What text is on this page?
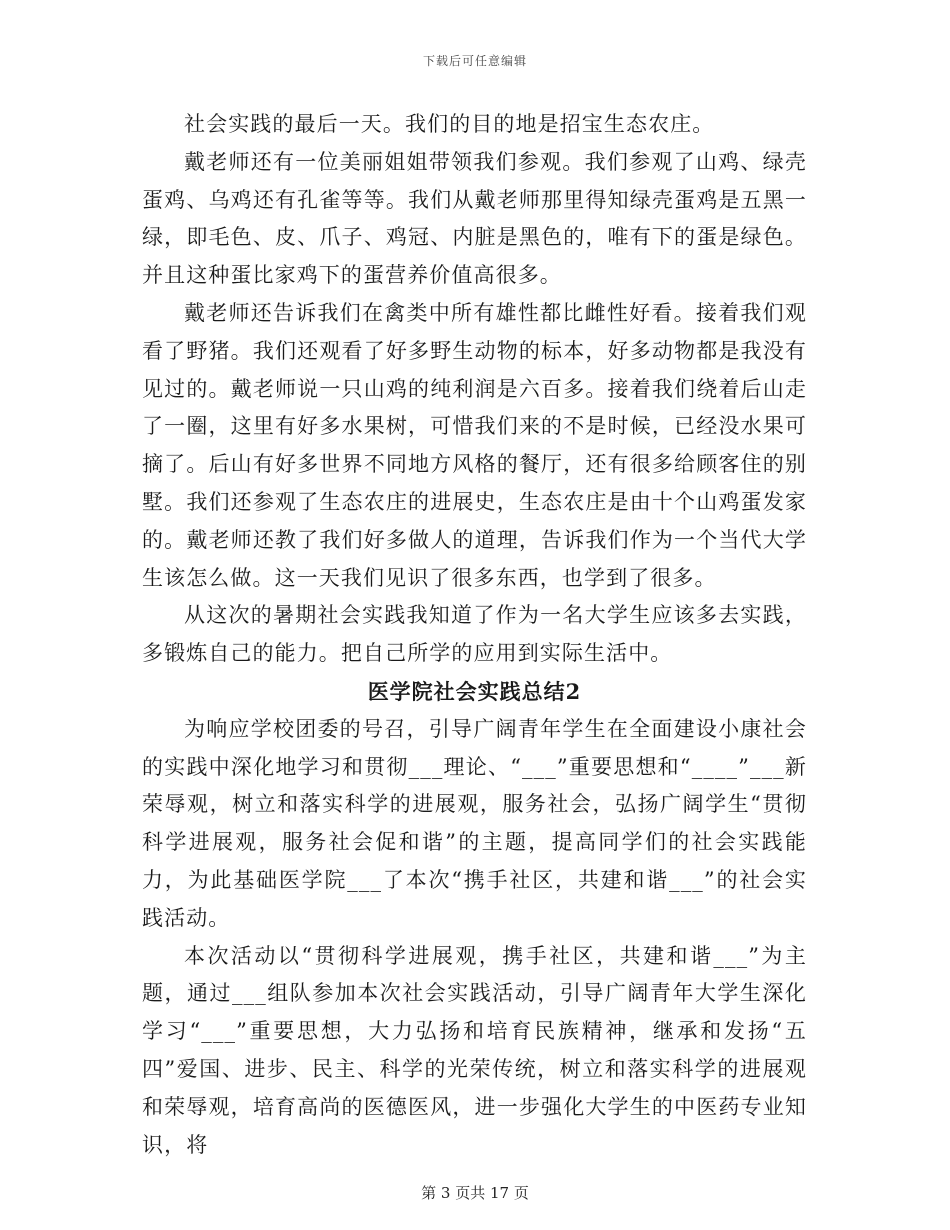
下载后可任意编辑

社会实践的最后一天。我们的目的地是招宝生态农庄。

戴老师还有一位美丽姐姐带领我们参观。我们参观了山鸡、绿壳蛋鸡、乌鸡还有孔雀等等。我们从戴老师那里得知绿壳蛋鸡是五黑一绿，即毛色、皮、爪子、鸡冠、内脏是黑色的，唯有下的蛋是绿色。并且这种蛋比家鸡下的蛋营养价值高很多。

戴老师还告诉我们在禽类中所有雄性都比雌性好看。接着我们观看了野猪。我们还观看了好多野生动物的标本，好多动物都是我没有见过的。戴老师说一只山鸡的纯利润是六百多。接着我们绕着后山走了一圈，这里有好多水果树，可惜我们来的不是时候，已经没水果可摘了。后山有好多世界不同地方风格的餐厅，还有很多给顾客住的别墅。我们还参观了生态农庄的进展史，生态农庄是由十个山鸡蛋发家的。戴老师还教了我们好多做人的道理，告诉我们作为一个当代大学生该怎么做。这一天我们见识了很多东西，也学到了很多。

从这次的暑期社会实践我知道了作为一名大学生应该多去实践，多锻炼自己的能力。把自己所学的应用到实际生活中。

医学院社会实践总结2

为响应学校团委的号召，引导广阔青年学生在全面建设小康社会的实践中深化地学习和贯彻___理论、“___”重要思想和“____”___新荣辱观，树立和落实科学的进展观，服务社会，弘扬广阔学生“贯彻科学进展观，服务社会促和谐”的主题，提高同学们的社会实践能力，为此基础医学院___了本次“携手社区，共建和谐___”的社会实践活动。

本次活动以“贯彻科学进展观，携手社区，共建和谐___”为主题，通过___组队参加本次社会实践活动，引导广阔青年大学生深化学习“___”重要思想，大力弘扬和培育民族精神，继承和发扬“五四”爱国、进步、民主、科学的光荣传统，树立和落实科学的进展观和荣辱观，培育高尚的医德医风，进一步强化大学生的中医药专业知识，将

第 3 页共 17 页
